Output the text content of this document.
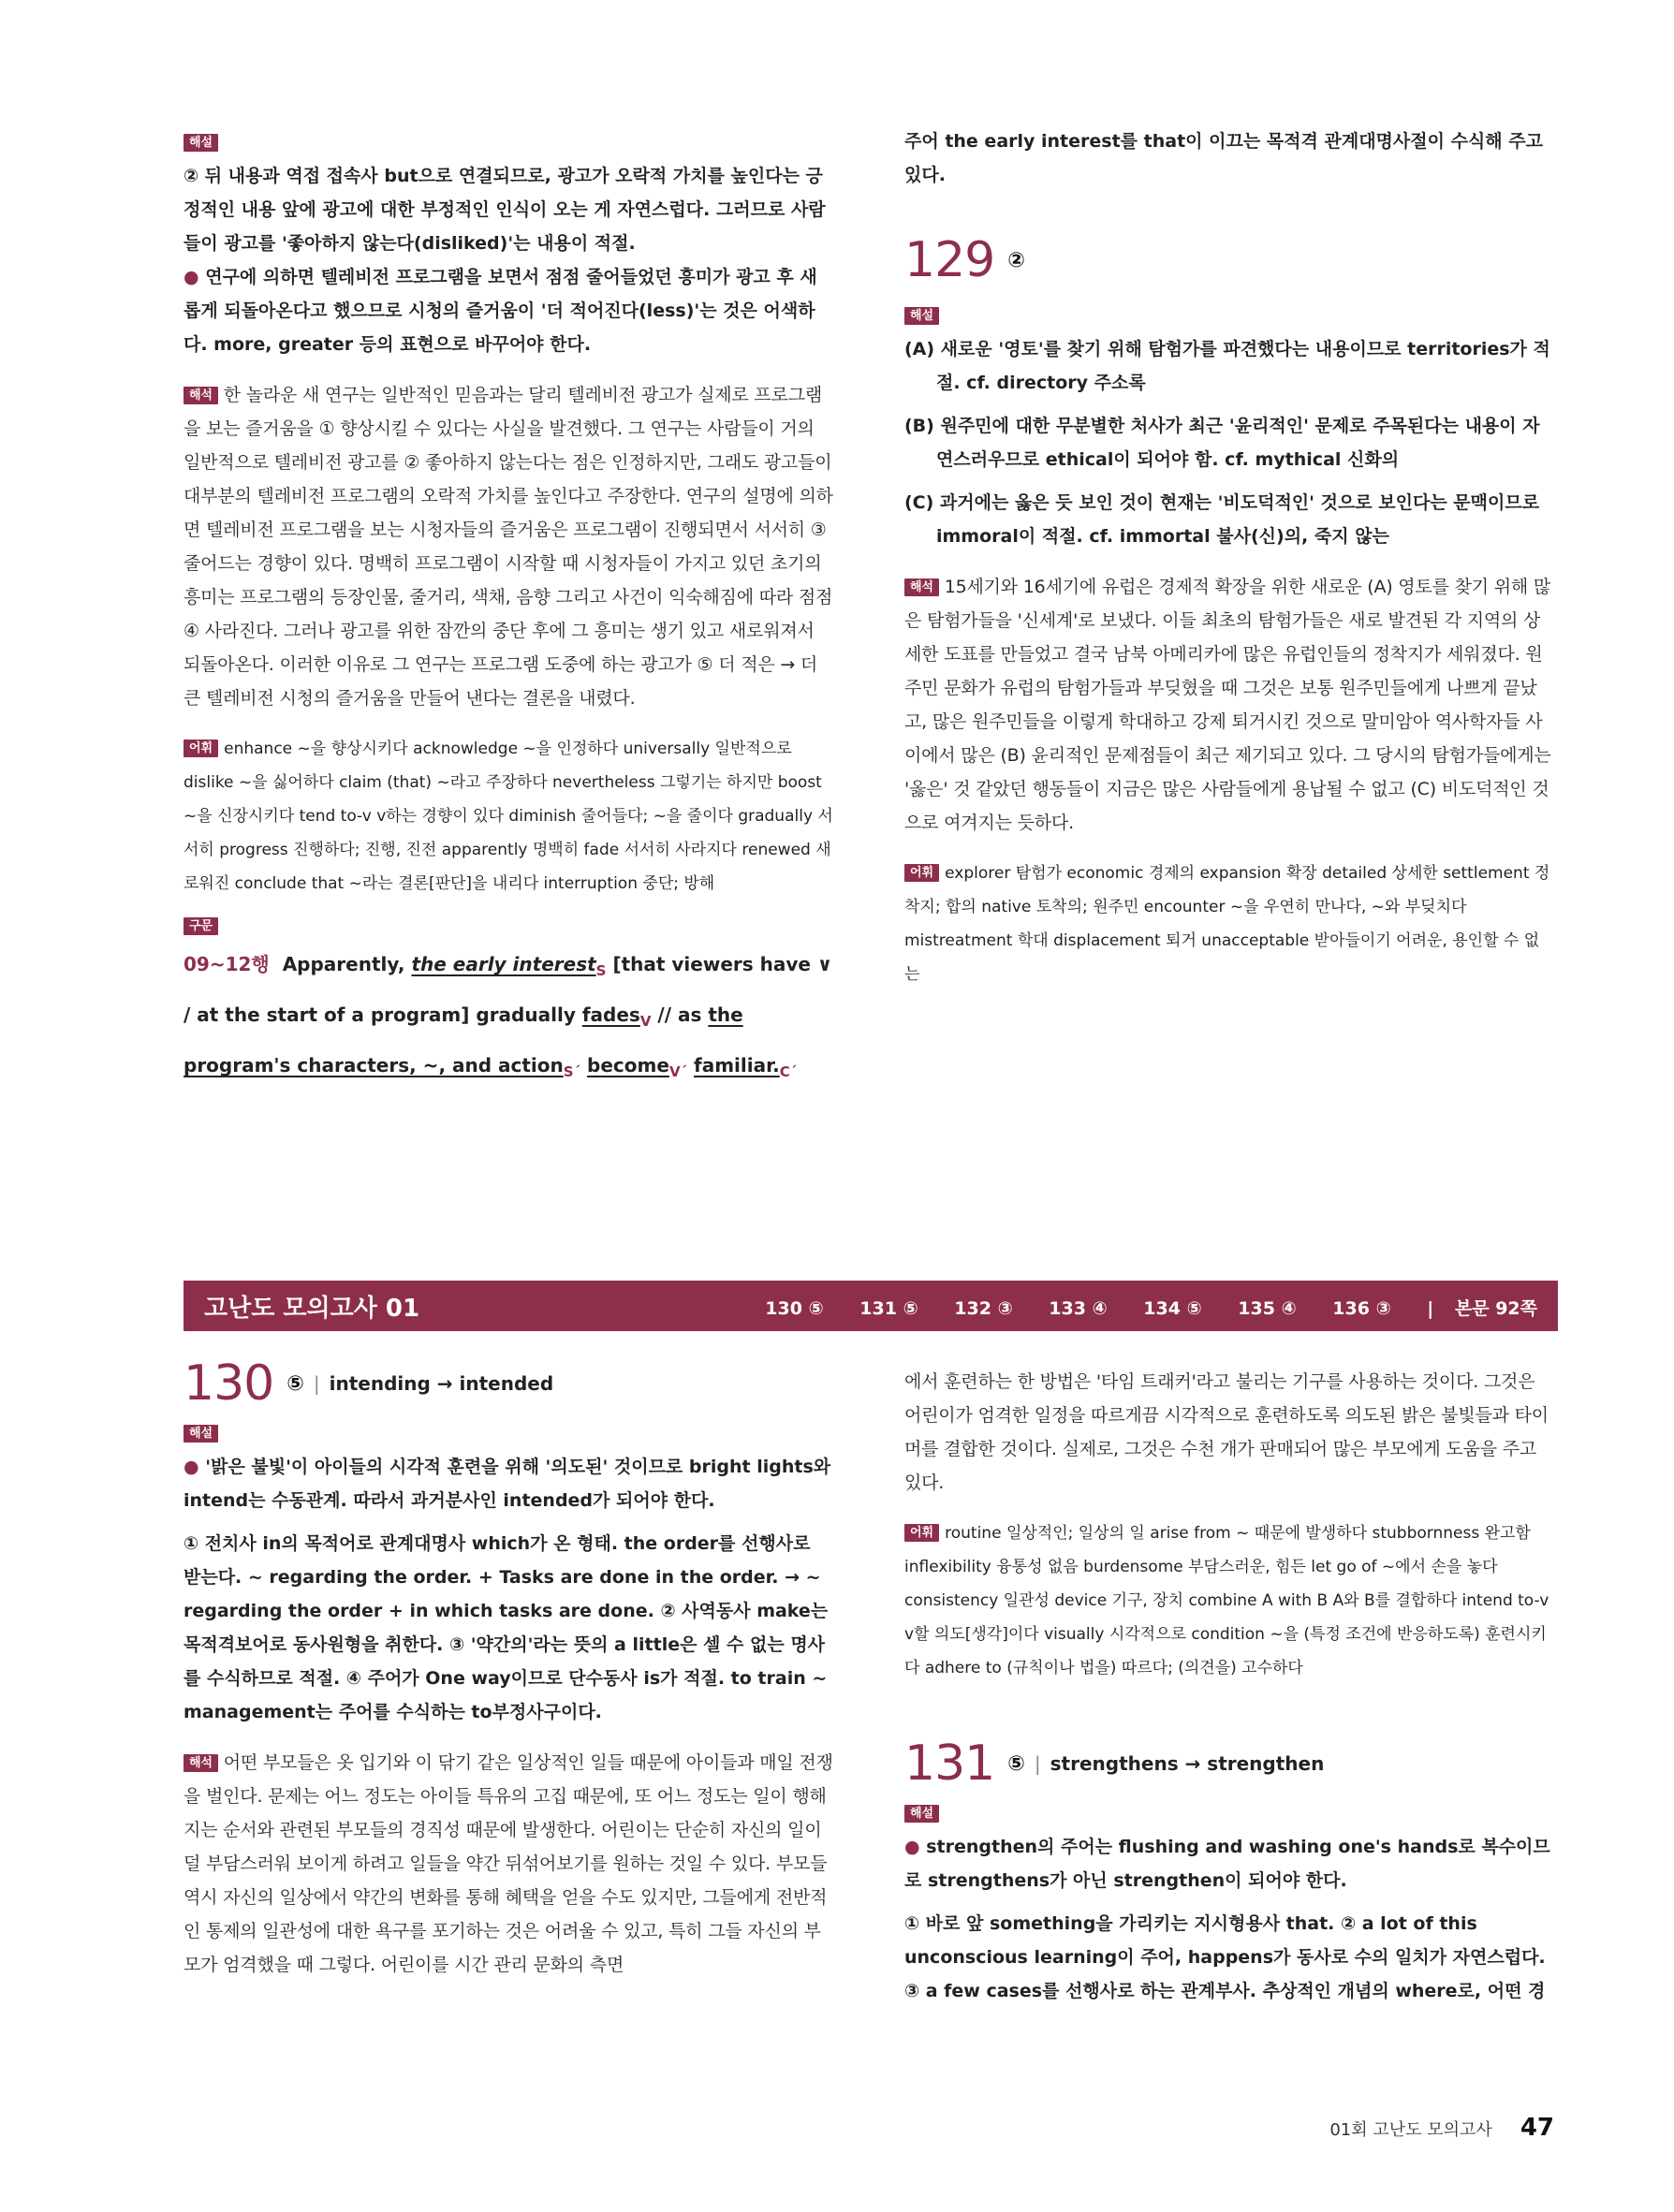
해설

② 뒤 내용과 역접 접속사 but으로 연결되므로, 광고가 오락적 가치를 높인다는 긍정적인 내용 앞에 광고에 대한 부정적인 인식이 오는 게 자연스럽다. 그러므로 사람들이 광고를 '좋아하지 않는다(disliked)'는 내용이 적절.

● 연구에 의하면 텔레비전 프로그램을 보면서 점점 줄어들었던 흥미가 광고 후 새롭게 되돌아온다고 했으므로 시청의 즐거움이 '더 적어진다(less)'는 것은 어색하다. more, greater 등의 표현으로 바꾸어야 한다.

해석 한 놀라운 새 연구는 일반적인 믿음과는 달리 텔레비전 광고가 실제로 프로그램을 보는 즐거움을 ① 향상시킬 수 있다는 사실을 발견했다. 그 연구는 사람들이 거의 일반적으로 텔레비전 광고를 ② 좋아하지 않는다는 점은 인정하지만, 그래도 광고들이 대부분의 텔레비전 프로그램의 오락적 가치를 높인다고 주장한다. 연구의 설명에 의하면 텔레비전 프로그램을 보는 시청자들의 즐거움은 프로그램이 진행되면서 서서히 ③ 줄어드는 경향이 있다. 명백히 프로그램이 시작할 때 시청자들이 가지고 있던 초기의 흥미는 프로그램의 등장인물, 줄거리, 색채, 음향 그리고 사건이 익숙해짐에 따라 점점 ④ 사라진다. 그러나 광고를 위한 잠깐의 중단 후에 그 흥미는 생기 있고 새로워져서 되돌아온다. 이러한 이유로 그 연구는 프로그램 도중에 하는 광고가 ⑤ 더 적은 → 더 큰 텔레비전 시청의 즐거움을 만들어 낸다는 결론을 내렸다.

어휘 enhance ~을 향상시키다 acknowledge ~을 인정하다 universally 일반적으로 dislike ~을 싫어하다 claim (that) ~라고 주장하다 nevertheless 그렇기는 하지만 boost ~을 신장시키다 tend to-v v하는 경향이 있다 diminish 줄어들다; ~을 줄이다 gradually 서서히 progress 진행하다; 진행, 진전 apparently 명백히 fade 서서히 사라지다 renewed 새로워진 conclude that ~라는 결론[판단]을 내리다 interruption 중단; 방해

구문

09~12행 Apparently, the early interest$_S$ [that viewers have ∨ / at the start of a program] gradually fades$_V$ // as the program's characters, ~, and action$_{S´}$ become$_{V´}$ $familiar._{C´}$

주어 the early interest를 that이 이끄는 목적격 관계대명사절이 수식해 주고 있다.

129 ②
해설

(A) 새로운 '영토'를 찾기 위해 탐험가를 파견했다는 내용이므로 territories가 적절. cf. directory 주소록

(B) 원주민에 대한 무분별한 처사가 최근 '윤리적인' 문제로 주목된다는 내용이 자연스러우므로 ethical이 되어야 함. cf. mythical 신화의

(C) 과거에는 옳은 듯 보인 것이 현재는 '비도덕적인' 것으로 보인다는 문맥이므로 immoral이 적절. cf. immortal 불사(신)의, 죽지 않는

해석 15세기와 16세기에 유럽은 경제적 확장을 위한 새로운 (A) 영토를 찾기 위해 많은 탐험가들을 '신세계'로 보냈다. 이들 최초의 탐험가들은 새로 발견된 각 지역의 상세한 도표를 만들었고 결국 남북 아메리카에 많은 유럽인들의 정착지가 세워졌다. 원주민 문화가 유럽의 탐험가들과 부딪혔을 때 그것은 보통 원주민들에게 나쁘게 끝났고, 많은 원주민들을 이렇게 학대하고 강제 퇴거시킨 것으로 말미암아 역사학자들 사이에서 많은 (B) 윤리적인 문제점들이 최근 제기되고 있다. 그 당시의 탐험가들에게는 '옳은' 것 같았던 행동들이 지금은 많은 사람들에게 용납될 수 없고 (C) 비도덕적인 것으로 여겨지는 듯하다.

어휘 explorer 탐험가 economic 경제의 expansion 확장 detailed 상세한 settlement 정착지; 합의 native 토착의; 원주민 encounter ~을 우연히 만나다, ~와 부딪치다 mistreatment 학대 displacement 퇴거 unacceptable 받아들이기 어려운, 용인할 수 없는

고난도 모의고사 01	130 ⑤ 131 ⑤ 132 ③ 133 ④ 134 ⑤ 135 ④ 136 ③ | 본문 92쪽
130 ⑤ | intending → intended
해설

● '밝은 불빛'이 아이들의 시각적 훈련을 위해 '의도된' 것이므로 bright lights와 intend는 수동관계. 따라서 과거분사인 intended가 되어야 한다.

① 전치사 in의 목적어로 관계대명사 which가 온 형태. the order를 선행사로 받는다. ~ regarding the order. + Tasks are done in the order. → ~ regarding the order + in which tasks are done. ② 사역동사 make는 목적격보어로 동사원형을 취한다. ③ '약간의'라는 뜻의 a little은 셀 수 없는 명사를 수식하므로 적절. ④ 주어가 One way이므로 단수동사 is가 적절. to train ~ management는 주어를 수식하는 to부정사구이다.

해석 어떤 부모들은 옷 입기와 이 닦기 같은 일상적인 일들 때문에 아이들과 매일 전쟁을 벌인다. 문제는 어느 정도는 아이들 특유의 고집 때문에, 또 어느 정도는 일이 행해지는 순서와 관련된 부모들의 경직성 때문에 발생한다. 어린이는 단순히 자신의 일이 덜 부담스러워 보이게 하려고 일들을 약간 뒤섞어보기를 원하는 것일 수 있다. 부모들 역시 자신의 일상에서 약간의 변화를 통해 혜택을 얻을 수도 있지만, 그들에게 전반적인 통제의 일관성에 대한 욕구를 포기하는 것은 어려울 수 있고, 특히 그들 자신의 부모가 엄격했을 때 그렇다. 어린이를 시간 관리 문화의 측면

에서 훈련하는 한 방법은 '타임 트래커'라고 불리는 기구를 사용하는 것이다. 그것은 어린이가 엄격한 일정을 따르게끔 시각적으로 훈련하도록 의도된 밝은 불빛들과 타이머를 결합한 것이다. 실제로, 그것은 수천 개가 판매되어 많은 부모에게 도움을 주고 있다.

어휘 routine 일상적인; 일상의 일 arise from ~ 때문에 발생하다 stubbornness 완고함 inflexibility 융통성 없음 burdensome 부담스러운, 힘든 let go of ~에서 손을 놓다 consistency 일관성 device 기구, 장치 combine A with B A와 B를 결합하다 intend to-v v할 의도[생각]이다 visually 시각적으로 condition ~을 (특정 조건에 반응하도록) 훈련시키다 adhere to (규칙이나 법을) 따르다; (의견을) 고수하다

131 ⑤ | strengthens → strengthen
해설

● strengthen의 주어는 flushing and washing one's hands로 복수이므로 strengthens가 아닌 strengthen이 되어야 한다.

① 바로 앞 something을 가리키는 지시형용사 that. ② a lot of this unconscious learning이 주어, happens가 동사로 수의 일치가 자연스럽다. ③ a few cases를 선행사로 하는 관계부사. 추상적인 개념의 where로, 어떤 경

01회 고난도 모의고사 47
